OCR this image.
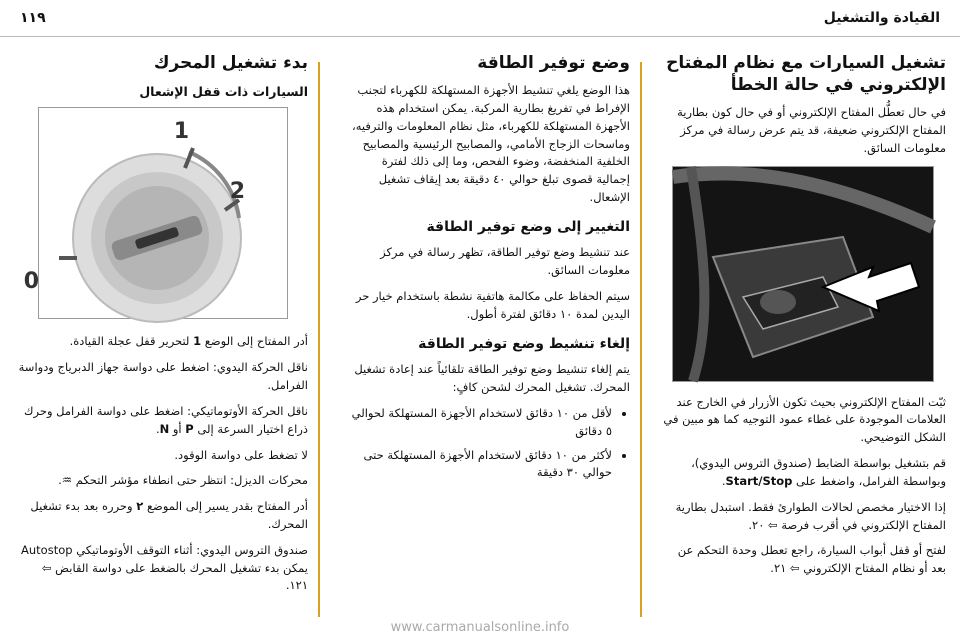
القيادة والتشغيل
١١٩
تشغيل السيارات مع نظام المفتاح الإلكتروني في حالة الخطأ

في حال تعطُّل المفتاح الإلكتروني أو في حال كون بطارية المفتاح الإلكتروني ضعيفة، قد يتم عرض رسالة في مركز معلومات السائق.

ثبّت المفتاح الإلكتروني بحيث تكون الأزرار في الخارج عند العلامات الموجودة على غطاء عمود التوجيه كما هو مبين في الشكل التوضيحي.

قم بتشغيل بواسطة الضابط (صندوق التروس اليدوي)، وبواسطة الفرامل، واضغط على Start/Stop.

إذا الاختيار مخصص لحالات الطوارئ فقط. استبدل بطارية المفتاح الإلكتروني في أقرب فرصة ⇦ ٢٠.

لفتح أو قفل أبواب السيارة، راجع تعطل وحدة التحكم عن بعد أو نظام المفتاح الإلكتروني ⇦ ٢١.

وضع توفير الطاقة

هذا الوضع يلغي تنشيط الأجهزة المستهلكة للكهرباء لتجنب الإفراط في تفريغ بطارية المركبة. يمكن استخدام هذه الأجهزة المستهلكة للكهرباء، مثل نظام المعلومات والترفيه، وماسحات الزجاج الأمامي، والمصابيح الرئيسية والمصابيح الخلفية المنخفضة، وضوء الفحص، وما إلى ذلك لفترة إجمالية قصوى تبلغ حوالي ٤٠ دقيقة بعد إيقاف تشغيل الإشعال.

التغيير إلى وضع توفير الطاقة

عند تنشيط وضع توفير الطاقة، تظهر رسالة في مركز معلومات السائق.

سيتم الحفاظ على مكالمة هاتفية نشطة باستخدام خيار حر اليدين لمدة ١٠ دقائق لفترة أطول.

إلغاء تنشيط وضع توفير الطاقة

يتم إلغاء تنشيط وضع توفير الطاقة تلقائياً عند إعادة تشغيل المحرك. تشغيل المحرك لشحن كافٍ:

• لأقل من ١٠ دقائق لاستخدام الأجهزة المستهلكة لحوالي ٥ دقائق
• لأكثر من ١٠ دقائق لاستخدام الأجهزة المستهلكة حتى حوالي ٣٠ دقيقة
بدء تشغيل المحرك
السيارات ذات قفل الإشعال
1
2
0

أدر المفتاح إلى الوضع 1 لتحرير قفل عجلة القيادة.

ناقل الحركة اليدوي: اضغط على دواسة جهاز الدبرياج ودواسة الفرامل.

ناقل الحركة الأوتوماتيكي: اضغط على دواسة الفرامل وحرك ذراع اختيار السرعة إلى P أو N.

لا تضغط على دواسة الوقود.

محركات الديزل: انتظر حتى انطفاء مؤشر التحكم ♒.

أدر المفتاح بقدر يسير إلى الموضع ٢ وحرره بعد بدء تشغيل المحرك.

صندوق التروس اليدوي: أثناء التوقف الأوتوماتيكي Autostop يمكن بدء تشغيل المحرك بالضغط على دواسة القابض ⇦ ١٢١.

www.carmanualsonline.info
